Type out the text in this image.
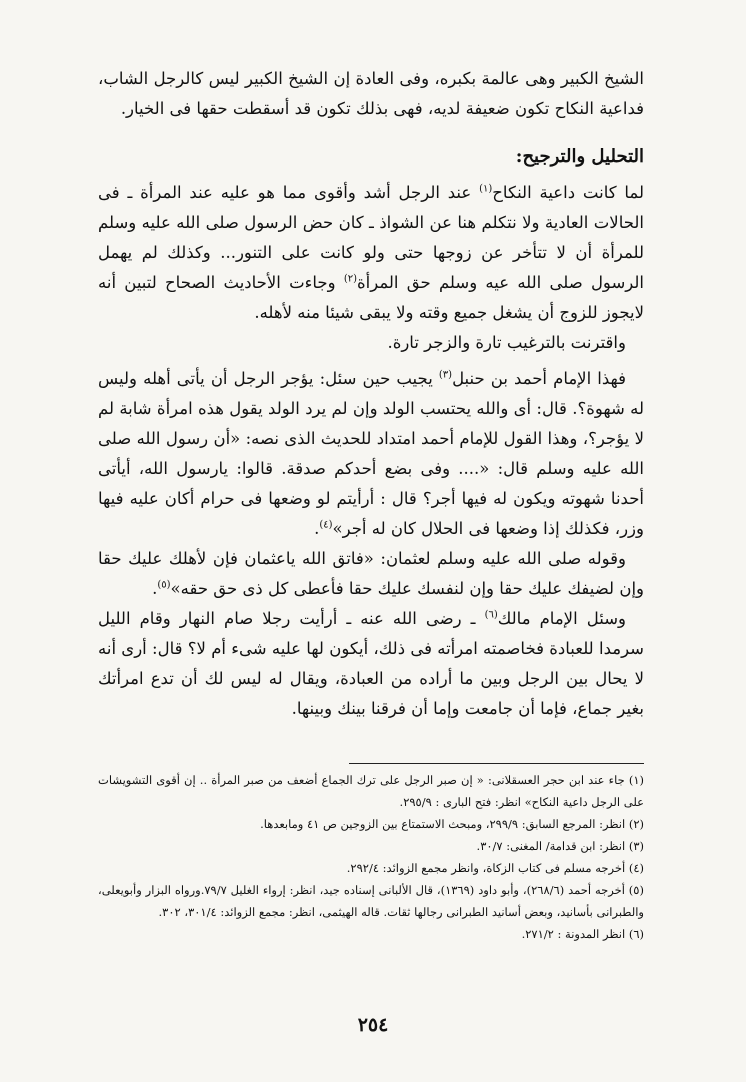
الشيخ الكبير وهى عالمة بكبره، وفى العادة إن الشيخ الكبير ليس كالرجل الشاب، فداعية النكاح تكون ضعيفة لديه، فهى بذلك تكون قد أسقطت حقها فى الخيار.

التحليل والترجيح:

لما كانت داعية النكاح$^{(١)}$ عند الرجل أشد وأقوى مما هو عليه عند المرأة ـ فى الحالات العادية ولا نتكلم هنا عن الشواذ ـ كان حض الرسول صلى الله عليه وسلم للمرأة أن لا تتأخر عن زوجها حتى ولو كانت على التنور... وكذلك لم يهمل الرسول صلى الله عيه وسلم حق المرأة$^{(٢)}$ وجاءت الأحاديث الصحاح لتبين أنه لايجوز للزوج أن يشغل جميع وقته ولا يبقى شيئا منه لأهله.

واقترنت بالترغيب تارة والزجر تارة.

فهذا الإمام أحمد بن حنبل$^{(٣)}$ يجيب حين سئل: يؤجر الرجل أن يأتى أهله وليس له شهوة؟. قال: أى والله يحتسب الولد وإن لم يرد الولد يقول هذه امرأة شابة لم لا يؤجر؟، وهذا القول للإمام أحمد امتداد للحديث الذى نصه: «أن رسول الله صلى الله عليه وسلم قال: «.... وفى بضع أحدكم صدقة. قالوا: يارسول الله، أيأتى أحدنا شهوته ويكون له فيها أجر؟ قال : أرأيتم لو وضعها فى حرام أكان عليه فيها وزر، فكذلك إذا وضعها فى الحلال كان له أجر»$^{(٤)}$.

وقوله صلى الله عليه وسلم لعثمان: «فاتق الله ياعثمان فإن لأهلك عليك حقا وإن لضيفك عليك حقا وإن لنفسك عليك حقا فأعطى كل ذى حق حقه»$^{(٥)}$.

وسئل الإمام مالك$^{(٦)}$ ـ رضى الله عنه ـ أرأيت رجلا صام النهار وقام الليل سرمدا للعبادة فخاصمته امرأته فى ذلك، أيكون لها عليه شىء أم لا؟ قال: أرى أنه لا يحال بين الرجل وبين ما أراده من العبادة، ويقال له ليس لك أن تدع امرأتك بغير جماع، فإما أن جامعت وإما أن فرقنا بينك وبينها.

(١) جاء عند ابن حجر العسقلانى: « إن صبر الرجل على ترك الجماع أضعف من صبر المرأة .. إن أقوى التشويشات على الرجل داعية النكاح» انظر: فتح البارى : ٢٩٥/٩.

(٢) انظر: المرجع السابق: ٢٩٩/٩، ومبحث الاستمتاع بين الزوجين ص ٤١ ومابعدها.

(٣) انظر: ابن قدامة/ المغنى: ٣٠/٧.

(٤) أخرجه مسلم فى كتاب الزكاة، وانظر مجمع الزوائد: ٢٩٢/٤.

(٥) أخرجه أحمد (٢٦٨/٦)، وأبو داود (١٣٦٩)، قال الألبانى إسناده جيد، انظر: إرواء الغليل ٧٩/٧.ورواه البزار وأبويعلى، والطبرانى بأسانيد، وبعض أسانيد الطبرانى رجالها ثقات. قاله الهيثمى، انظر: مجمع الزوائد: ٣٠١/٤، ٣٠٢.

(٦) انظر المدونة : ٢٧١/٢.

٢٥٤
